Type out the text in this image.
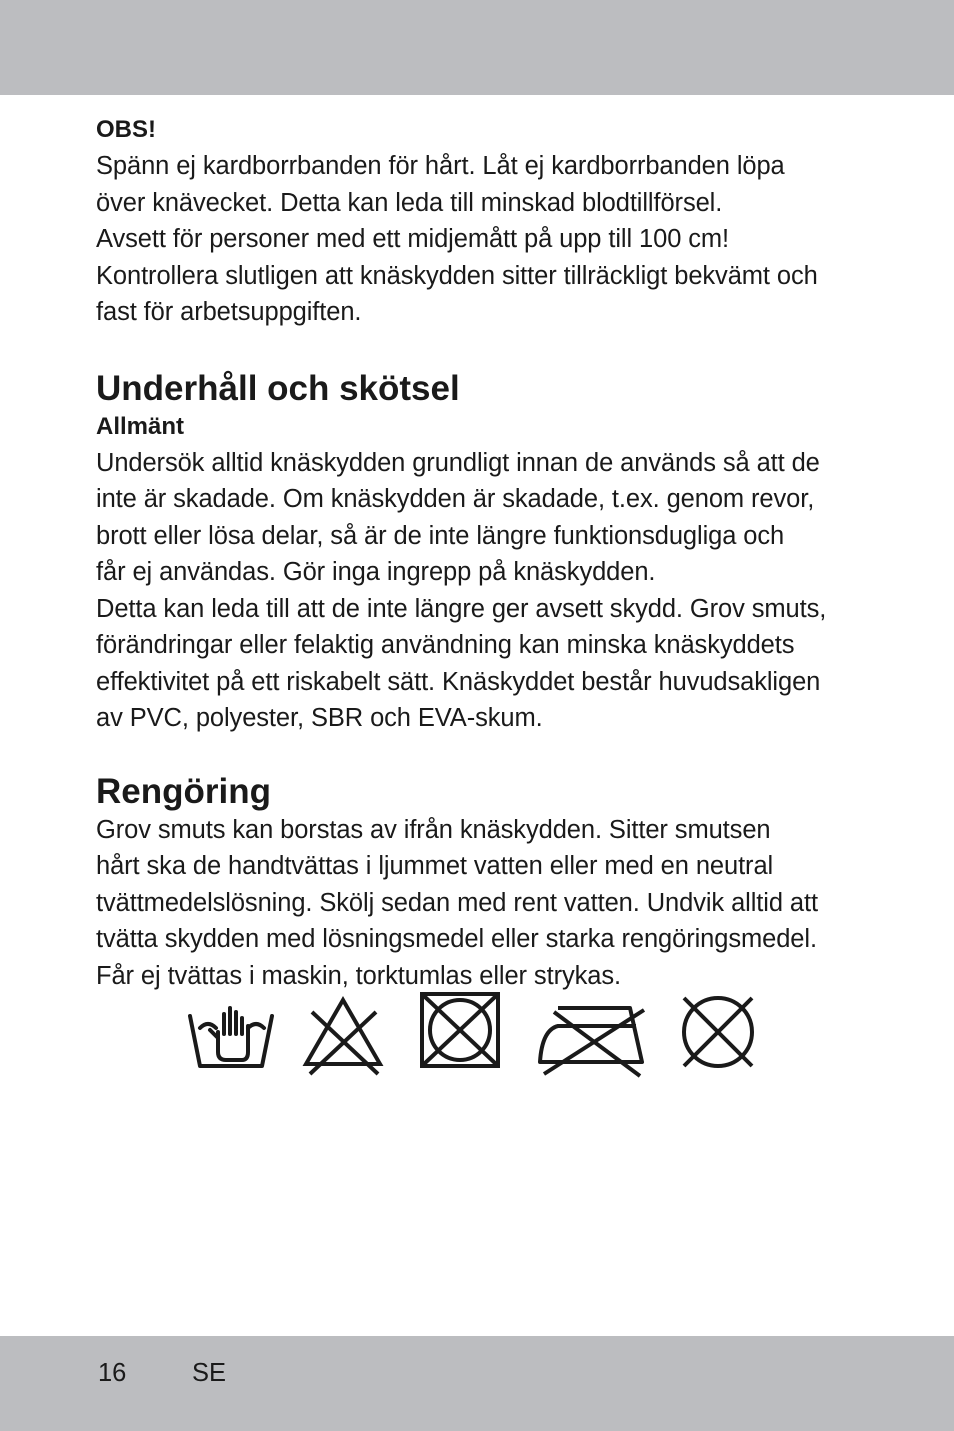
OBS!

Spänn ej kardborrbanden för hårt. Låt ej kardborrbanden löpa
över knävecket. Detta kan leda till minskad blodtillförsel.
Avsett för personer med ett midjemått på upp till 100 cm!
Kontrollera slutligen att knäskydden sitter tillräckligt bekvämt och
fast för arbetsuppgiften.

Underhåll och skötsel

Allmänt

Undersök alltid knäskydden grundligt innan de används så att de
inte är skadade. Om knäskydden är skadade, t.ex. genom revor,
brott eller lösa delar, så är de inte längre funktionsdugliga och
får ej användas. Gör inga ingrepp på knäskydden.
Detta kan leda till att de inte längre ger avsett skydd. Grov smuts,
förändringar eller felaktig användning kan minska knäskyddets
effektivitet på ett riskabelt sätt. Knäskyddet består huvudsakligen
av PVC, polyester, SBR och EVA-skum.

Rengöring

Grov smuts kan borstas av ifrån knäskydden. Sitter smutsen
hårt ska de handtvättas i ljummet vatten eller med en neutral
tvättmedelslösning. Skölj sedan med rent vatten. Undvik alltid att
tvätta skydden med lösningsmedel eller starka rengöringsmedel.
Får ej tvättas i maskin, torktumlas eller strykas.

16	SE
